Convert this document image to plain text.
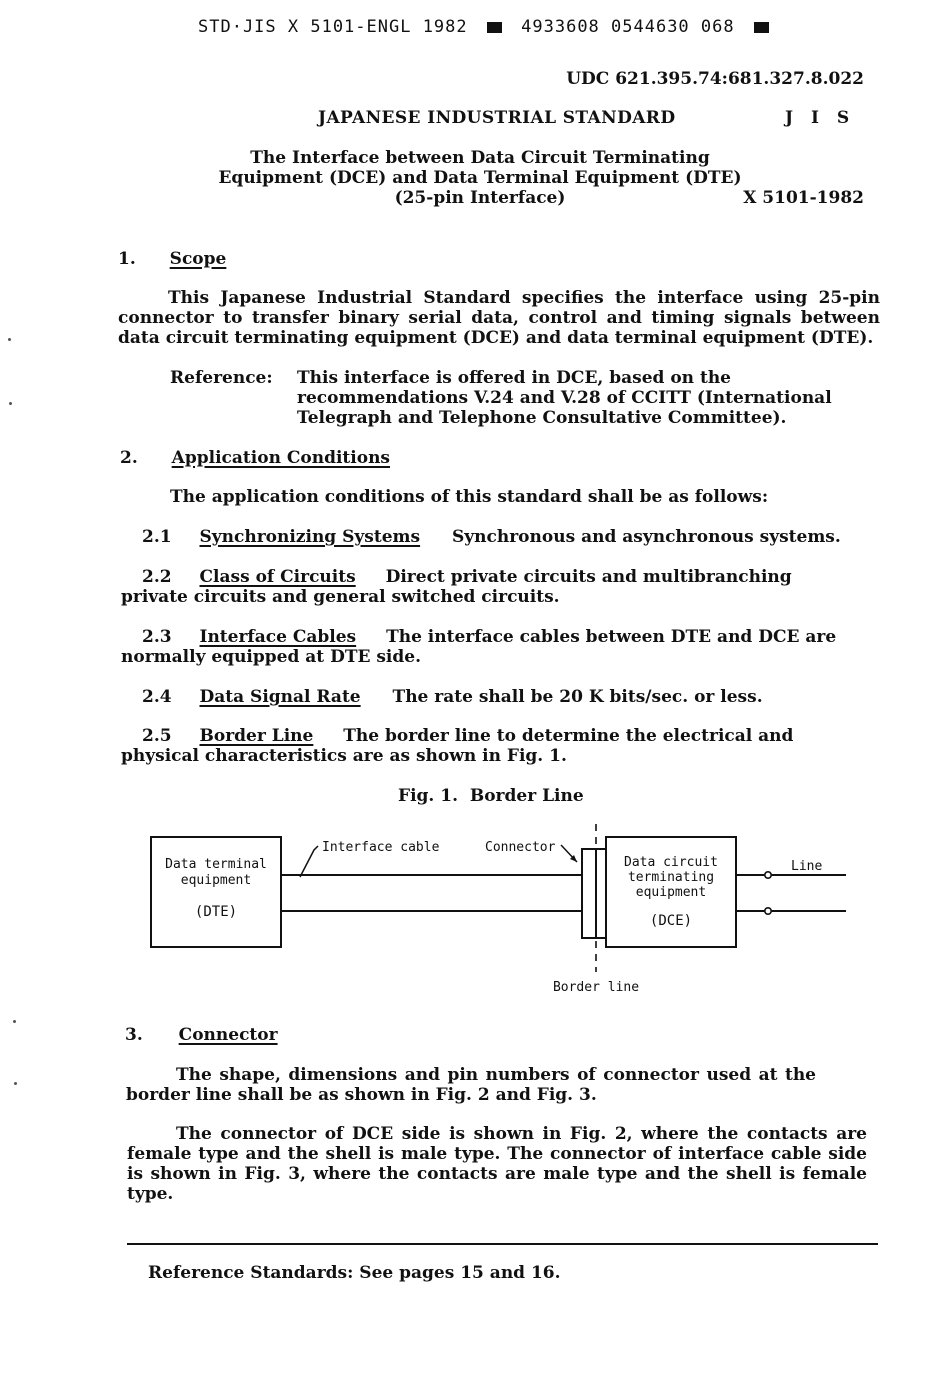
STD·JIS X 5101-ENGL 1982	4933608 0544630 068
UDC 621.395.74:681.327.8.022
JAPANESE INDUSTRIAL STANDARD	J I S
The Interface between Data Circuit Terminating
Equipment (DCE) and Data Terminal Equipment (DTE)
(25-pin Interface)	X 5101-1982
1. Scope
This Japanese Industrial Standard specifies the interface using 25-pin connector to transfer binary serial data, control and timing signals between data circuit terminating equipment (DCE) and data terminal equipment (DTE).
Reference: This interface is offered in DCE, based on the recommendations V.24 and V.28 of CCITT (International Telegraph and Telephone Consultative Committee).
2. Application Conditions
The application conditions of this standard shall be as follows:
2.1 Synchronizing Systems Synchronous and asynchronous systems.
2.2 Class of Circuits Direct private circuits and multibranching private circuits and general switched circuits.
2.3 Interface Cables The interface cables between DTE and DCE are normally equipped at DTE side.
2.4 Data Signal Rate The rate shall be 20 K bits/sec. or less.
2.5 Border Line The border line to determine the electrical and physical characteristics are as shown in Fig. 1.
Fig. 1.  Border Line
Data terminal
equipment
(DTE)
Interface cable	Connector
Border line
Data circuit
terminating
equipment
(DCE)
Line
3. Connector
The shape, dimensions and pin numbers of connector used at the border line shall be as shown in Fig. 2 and Fig. 3.
The connector of DCE side is shown in Fig. 2, where the contacts are female type and the shell is male type. The connector of interface cable side is shown in Fig. 3, where the contacts are male type and the shell is female type.
Reference Standards: See pages 15 and 16.
